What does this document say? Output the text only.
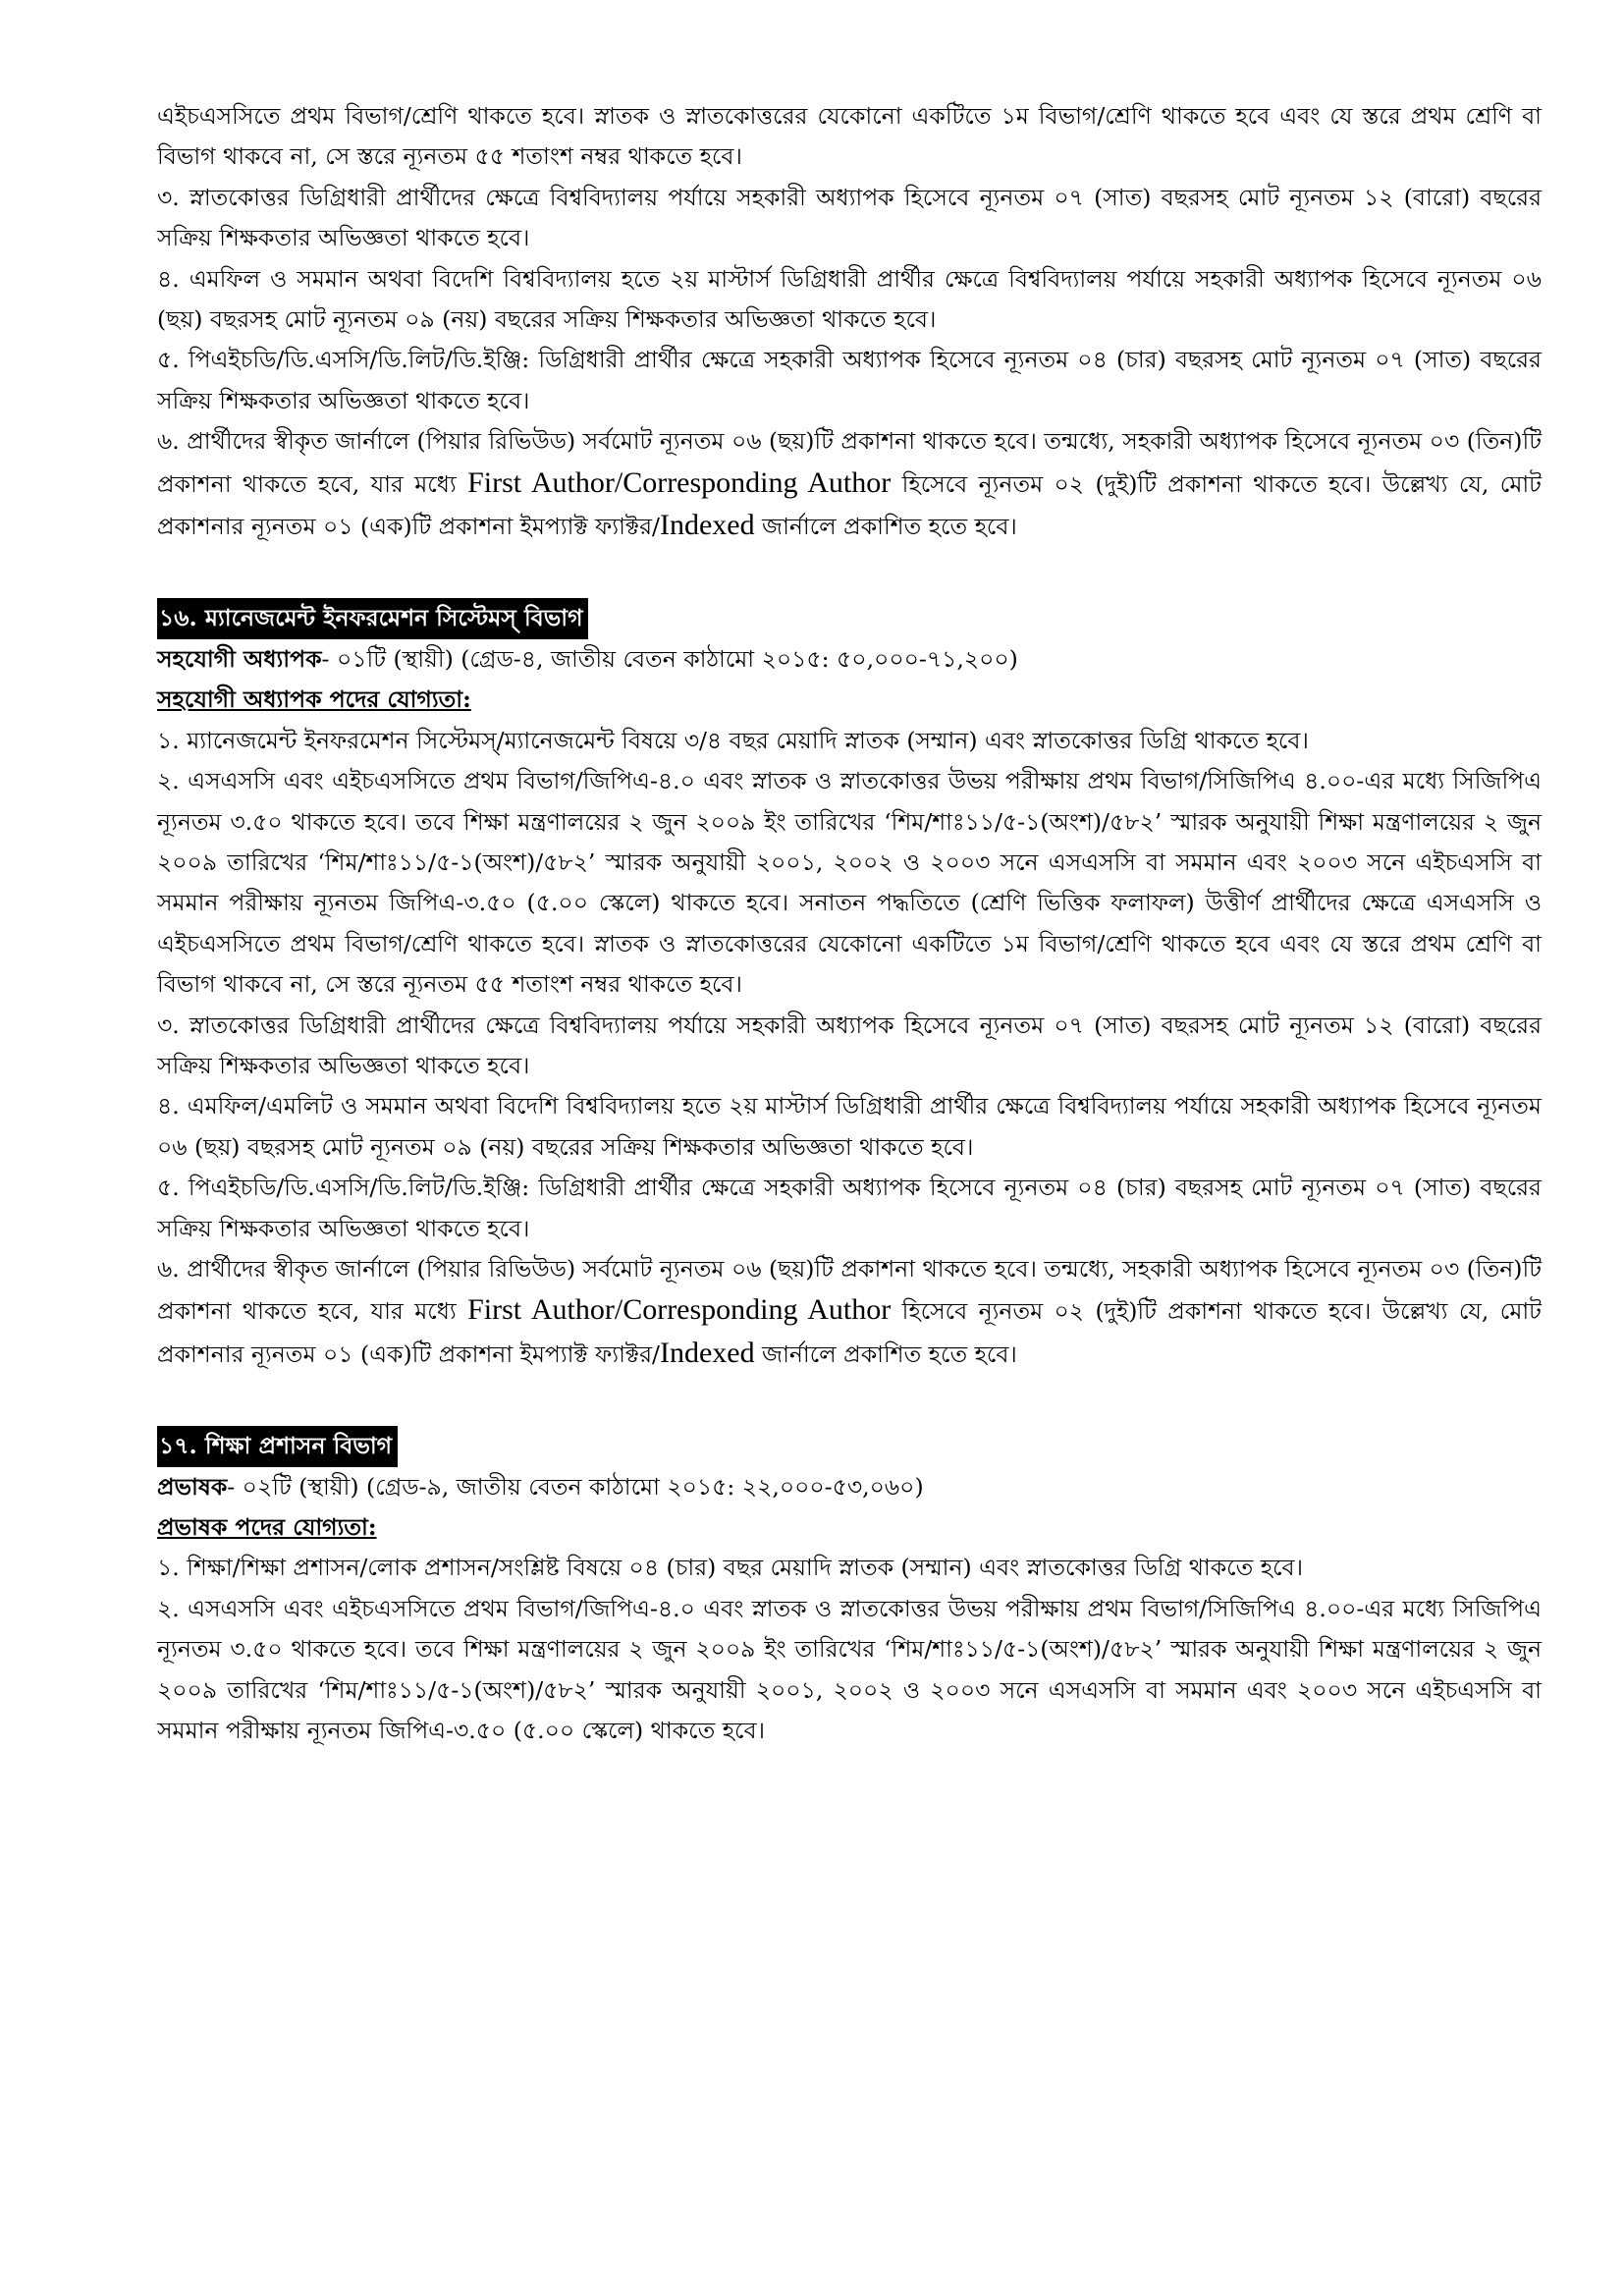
এইচএসসিতে প্রথম বিভাগ/শ্রেণি থাকতে হবে। স্নাতক ও স্নাতকোত্তরের যেকোনো একটিতে ১ম বিভাগ/শ্রেণি থাকতে হবে এবং যে স্তরে প্রথম শ্রেণি বা বিভাগ থাকবে না, সে স্তরে ন্যূনতম ৫৫ শতাংশ নম্বর থাকতে হবে।

৩. স্নাতকোত্তর ডিগ্রিধারী প্রার্থীদের ক্ষেত্রে বিশ্ববিদ্যালয় পর্যায়ে সহকারী অধ্যাপক হিসেবে ন্যূনতম ০৭ (সাত) বছরসহ মোট ন্যূনতম ১২ (বারো) বছরের সক্রিয় শিক্ষকতার অভিজ্ঞতা থাকতে হবে।

৪. এমফিল ও সমমান অথবা বিদেশি বিশ্ববিদ্যালয় হতে ২য় মাস্টার্স ডিগ্রিধারী প্রার্থীর ক্ষেত্রে বিশ্ববিদ্যালয় পর্যায়ে সহকারী অধ্যাপক হিসেবে ন্যূনতম ০৬ (ছয়) বছরসহ মোট ন্যূনতম ০৯ (নয়) বছরের সক্রিয় শিক্ষকতার অভিজ্ঞতা থাকতে হবে।

৫. পিএইচডি/ডি.এসসি/ডি.লিট/ডি.ইঞ্জি: ডিগ্রিধারী প্রার্থীর ক্ষেত্রে সহকারী অধ্যাপক হিসেবে ন্যূনতম ০৪ (চার) বছরসহ মোট ন্যূনতম ০৭ (সাত) বছরের সক্রিয় শিক্ষকতার অভিজ্ঞতা থাকতে হবে।

৬. প্রার্থীদের স্বীকৃত জার্নালে (পিয়ার রিভিউড) সর্বমোট ন্যূনতম ০৬ (ছয়)টি প্রকাশনা থাকতে হবে। তন্মধ্যে, সহকারী অধ্যাপক হিসেবে ন্যূনতম ০৩ (তিন)টি প্রকাশনা থাকতে হবে, যার মধ্যে First Author/Corresponding Author হিসেবে ন্যূনতম ০২ (দুই)টি প্রকাশনা থাকতে হবে। উল্লেখ্য যে, মোট প্রকাশনার ন্যূনতম ০১ (এক)টি প্রকাশনা ইমপ্যাক্ট ফ্যাক্টর/Indexed জার্নালে প্রকাশিত হতে হবে।

১৬. ম্যানেজমেন্ট ইনফরমেশন সিস্টেমস্ বিভাগ

সহযোগী অধ্যাপক- ০১টি (স্থায়ী) (গ্রেড-৪, জাতীয় বেতন কাঠামো ২০১৫: ৫০,০০০-৭১,২০০)

সহযোগী অধ্যাপক পদের যোগ্যতা:

১. ম্যানেজমেন্ট ইনফরমেশন সিস্টেমস্/ম্যানেজমেন্ট বিষয়ে ৩/৪ বছর মেয়াদি স্নাতক (সম্মান) এবং স্নাতকোত্তর ডিগ্রি থাকতে হবে।

২. এসএসসি এবং এইচএসসিতে প্রথম বিভাগ/জিপিএ-৪.০ এবং স্নাতক ও স্নাতকোত্তর উভয় পরীক্ষায় প্রথম বিভাগ/সিজিপিএ ৪.০০-এর মধ্যে সিজিপিএ ন্যূনতম ৩.৫০ থাকতে হবে। তবে শিক্ষা মন্ত্রণালয়ের ২ জুন ২০০৯ ইং তারিখের ‘শিম/শাঃ১১/৫-১(অংশ)/৫৮২’ স্মারক অনুযায়ী শিক্ষা মন্ত্রণালয়ের ২ জুন ২০০৯ তারিখের ‘শিম/শাঃ১১/৫-১(অংশ)/৫৮২’ স্মারক অনুযায়ী ২০০১, ২০০২ ও ২০০৩ সনে এসএসসি বা সমমান এবং ২০০৩ সনে এইচএসসি বা সমমান পরীক্ষায় ন্যূনতম জিপিএ-৩.৫০ (৫.০০ স্কেলে) থাকতে হবে। সনাতন পদ্ধতিতে (শ্রেণি ভিত্তিক ফলাফল) উত্তীর্ণ প্রার্থীদের ক্ষেত্রে এসএসসি ও এইচএসসিতে প্রথম বিভাগ/শ্রেণি থাকতে হবে। স্নাতক ও স্নাতকোত্তরের যেকোনো একটিতে ১ম বিভাগ/শ্রেণি থাকতে হবে এবং যে স্তরে প্রথম শ্রেণি বা বিভাগ থাকবে না, সে স্তরে ন্যূনতম ৫৫ শতাংশ নম্বর থাকতে হবে।

৩. স্নাতকোত্তর ডিগ্রিধারী প্রার্থীদের ক্ষেত্রে বিশ্ববিদ্যালয় পর্যায়ে সহকারী অধ্যাপক হিসেবে ন্যূনতম ০৭ (সাত) বছরসহ মোট ন্যূনতম ১২ (বারো) বছরের সক্রিয় শিক্ষকতার অভিজ্ঞতা থাকতে হবে।

৪. এমফিল/এমলিট ও সমমান অথবা বিদেশি বিশ্ববিদ্যালয় হতে ২য় মাস্টার্স ডিগ্রিধারী প্রার্থীর ক্ষেত্রে বিশ্ববিদ্যালয় পর্যায়ে সহকারী অধ্যাপক হিসেবে ন্যূনতম ০৬ (ছয়) বছরসহ মোট ন্যূনতম ০৯ (নয়) বছরের সক্রিয় শিক্ষকতার অভিজ্ঞতা থাকতে হবে।

৫. পিএইচডি/ডি.এসসি/ডি.লিট/ডি.ইঞ্জি: ডিগ্রিধারী প্রার্থীর ক্ষেত্রে সহকারী অধ্যাপক হিসেবে ন্যূনতম ০৪ (চার) বছরসহ মোট ন্যূনতম ০৭ (সাত) বছরের সক্রিয় শিক্ষকতার অভিজ্ঞতা থাকতে হবে।

৬. প্রার্থীদের স্বীকৃত জার্নালে (পিয়ার রিভিউড) সর্বমোট ন্যূনতম ০৬ (ছয়)টি প্রকাশনা থাকতে হবে। তন্মধ্যে, সহকারী অধ্যাপক হিসেবে ন্যূনতম ০৩ (তিন)টি প্রকাশনা থাকতে হবে, যার মধ্যে First Author/Corresponding Author হিসেবে ন্যূনতম ০২ (দুই)টি প্রকাশনা থাকতে হবে। উল্লেখ্য যে, মোট প্রকাশনার ন্যূনতম ০১ (এক)টি প্রকাশনা ইমপ্যাক্ট ফ্যাক্টর/Indexed জার্নালে প্রকাশিত হতে হবে।

১৭. শিক্ষা প্রশাসন বিভাগ

প্রভাষক- ০২টি (স্থায়ী) (গ্রেড-৯, জাতীয় বেতন কাঠামো ২০১৫: ২২,০০০-৫৩,০৬০)

প্রভাষক পদের যোগ্যতা:

১. শিক্ষা/শিক্ষা প্রশাসন/লোক প্রশাসন/সংশ্লিষ্ট বিষয়ে ০৪ (চার) বছর মেয়াদি স্নাতক (সম্মান) এবং স্নাতকোত্তর ডিগ্রি থাকতে হবে।

২. এসএসসি এবং এইচএসসিতে প্রথম বিভাগ/জিপিএ-৪.০ এবং স্নাতক ও স্নাতকোত্তর উভয় পরীক্ষায় প্রথম বিভাগ/সিজিপিএ ৪.০০-এর মধ্যে সিজিপিএ ন্যূনতম ৩.৫০ থাকতে হবে। তবে শিক্ষা মন্ত্রণালয়ের ২ জুন ২০০৯ ইং তারিখের ‘শিম/শাঃ১১/৫-১(অংশ)/৫৮২’ স্মারক অনুযায়ী শিক্ষা মন্ত্রণালয়ের ২ জুন ২০০৯ তারিখের ‘শিম/শাঃ১১/৫-১(অংশ)/৫৮২’ স্মারক অনুযায়ী ২০০১, ২০০২ ও ২০০৩ সনে এসএসসি বা সমমান এবং ২০০৩ সনে এইচএসসি বা সমমান পরীক্ষায় ন্যূনতম জিপিএ-৩.৫০ (৫.০০ স্কেলে) থাকতে হবে।
